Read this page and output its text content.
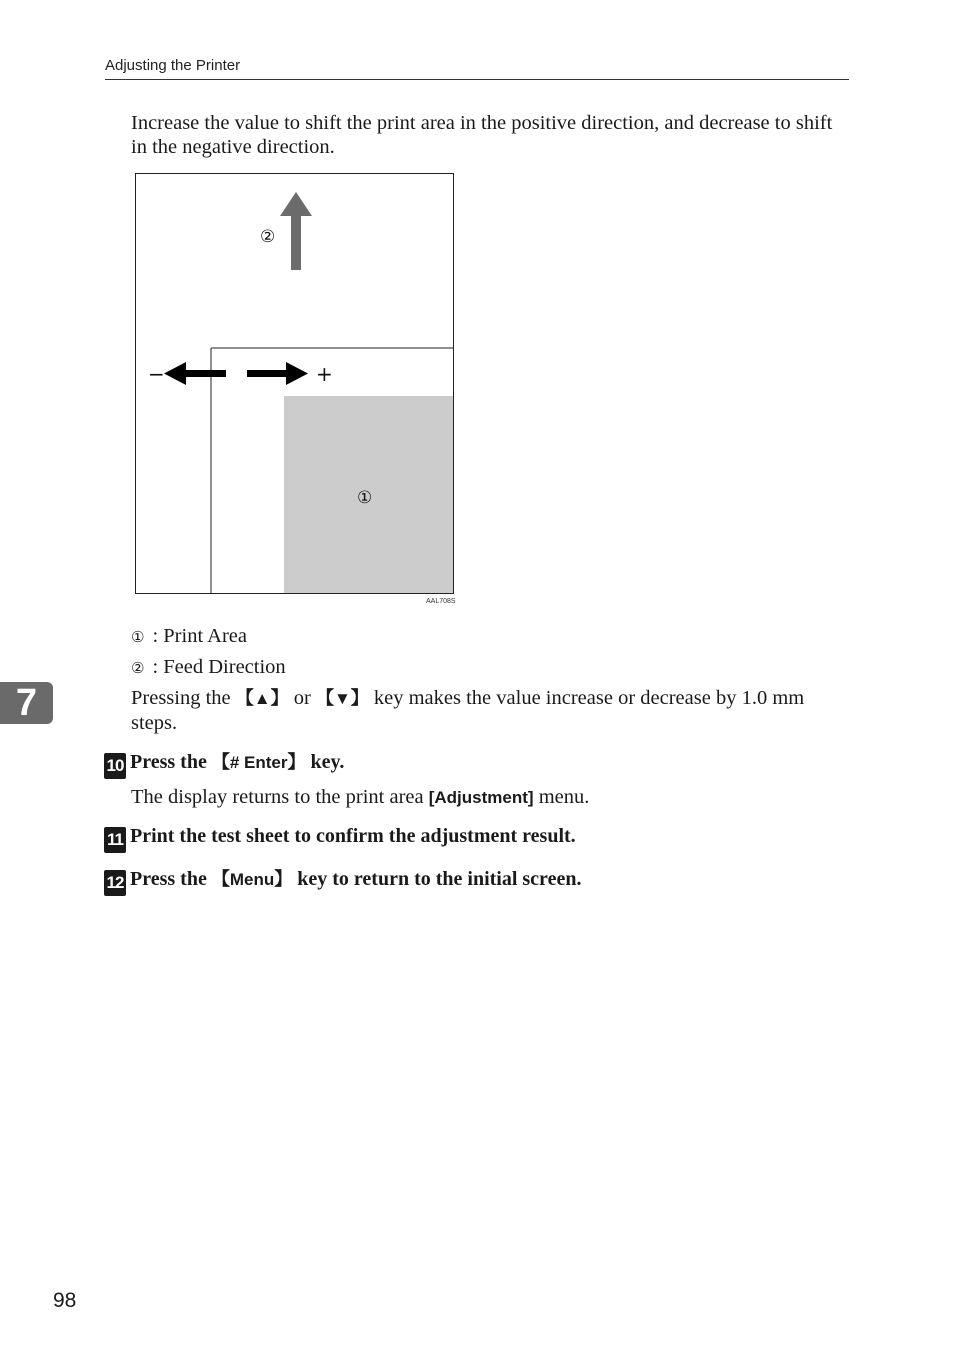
Adjusting the Printer
Increase the value to shift the print area in the positive direction, and decrease to shift in the negative direction.
−	+
②
①
AAL708S
① : Print Area
② : Feed Direction
Pressing the 【▲】 or 【▼】 key makes the value increase or decrease by 1.0 mm steps.
7
10 Press the 【# Enter】 key.
The display returns to the print area [Adjustment] menu.
11 Print the test sheet to confirm the adjustment result.
12 Press the 【Menu】 key to return to the initial screen.
98
